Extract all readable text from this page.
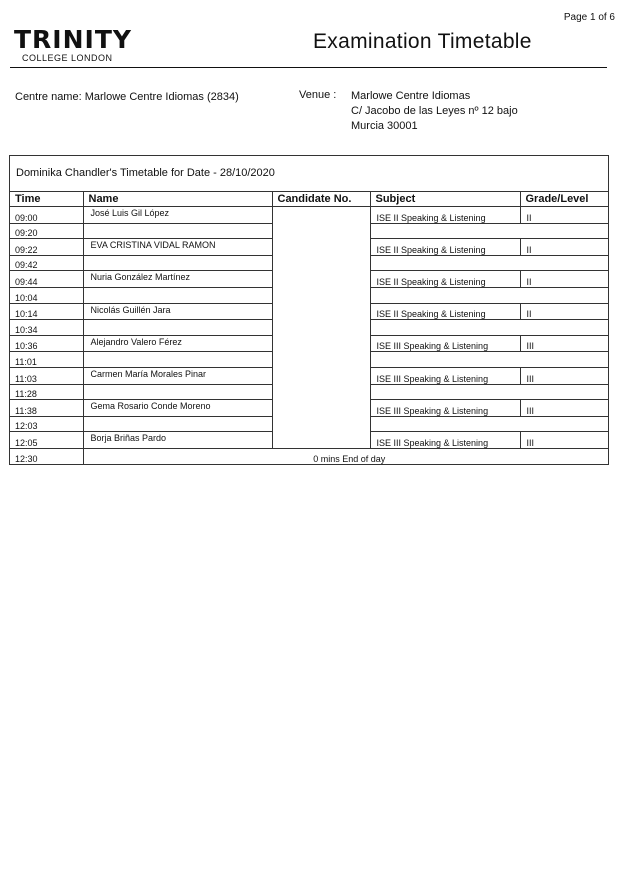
Page 1 of 6
TRINITY
COLLEGE LONDON
Examination Timetable
Centre name: Marlowe Centre Idiomas (2834)	Venue : Marlowe Centre Idiomas
C/ Jacobo de las Leyes nº 12 bajo
Murcia 30001
Dominika Chandler's Timetable for Date - 28/10/2020
Time	Name	Candidate No.	Subject	Grade/Level
09:00	José Luis Gil López		ISE II Speaking & Listening	II
09:20				
09:22	EVA CRISTINA VIDAL RAMON		ISE II Speaking & Listening	II
09:42				
09:44	Nuria González Martínez		ISE II Speaking & Listening	II
10:04				
10:14	Nicolás Guillén Jara		ISE II Speaking & Listening	II
10:34				
10:36	Alejandro Valero Férez		ISE III Speaking & Listening	III
11:01				
11:03	Carmen María Morales Pinar		ISE III Speaking & Listening	III
11:28				
11:38	Gema Rosario Conde Moreno		ISE III Speaking & Listening	III
12:03				
12:05	Borja Briñas Pardo		ISE III Speaking & Listening	III
12:30	0 mins End of day			
